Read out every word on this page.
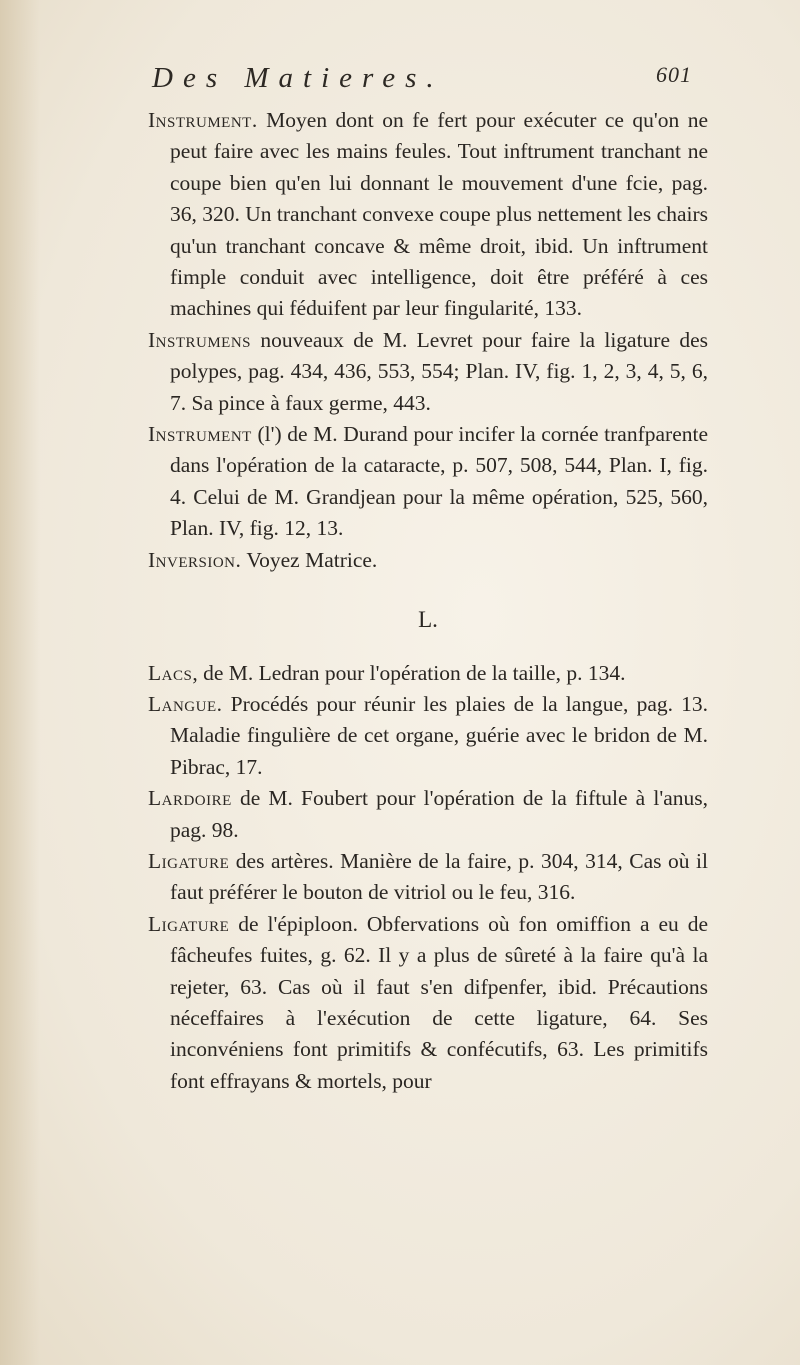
Des Matieres.	601

Instrument. Moyen dont on fe fert pour exécuter ce qu'on ne peut faire avec les mains feules. Tout inftrument tranchant ne coupe bien qu'en lui donnant le mouvement d'une fcie, pag. 36, 320. Un tranchant convexe coupe plus nettement les chairs qu'un tranchant concave & même droit, ibid. Un inftrument fimple conduit avec intelligence, doit être préféré à ces machines qui féduifent par leur fingularité, 133.

Instrumens nouveaux de M. Levret pour faire la ligature des polypes, pag. 434, 436, 553, 554; Plan. IV, fig. 1, 2, 3, 4, 5, 6, 7. Sa pince à faux germe, 443.

Instrument (l') de M. Durand pour incifer la cornée tranfparente dans l'opération de la cataracte, p. 507, 508, 544, Plan. I, fig. 4. Celui de M. Grandjean pour la même opération, 525, 560, Plan. IV, fig. 12, 13.

Inversion. Voyez Matrice.

L.

Lacs, de M. Ledran pour l'opération de la taille, p. 134.

Langue. Procédés pour réunir les plaies de la langue, pag. 13. Maladie fingulière de cet organe, guérie avec le bridon de M. Pibrac, 17.

Lardoire de M. Foubert pour l'opération de la fiftule à l'anus, pag. 98.

Ligature des artères. Manière de la faire, p. 304, 314, Cas où il faut préférer le bouton de vitriol ou le feu, 316.

Ligature de l'épiploon. Obfervations où fon omiffion a eu de fâcheufes fuites, g. 62. Il y a plus de sûreté à la faire qu'à la rejeter, 63. Cas où il faut s'en difpenfer, ibid. Précautions néceffaires à l'exécution de cette ligature, 64. Ses inconvéniens font primitifs & confécutifs, 63. Les primitifs font effrayans & mortels, pour
